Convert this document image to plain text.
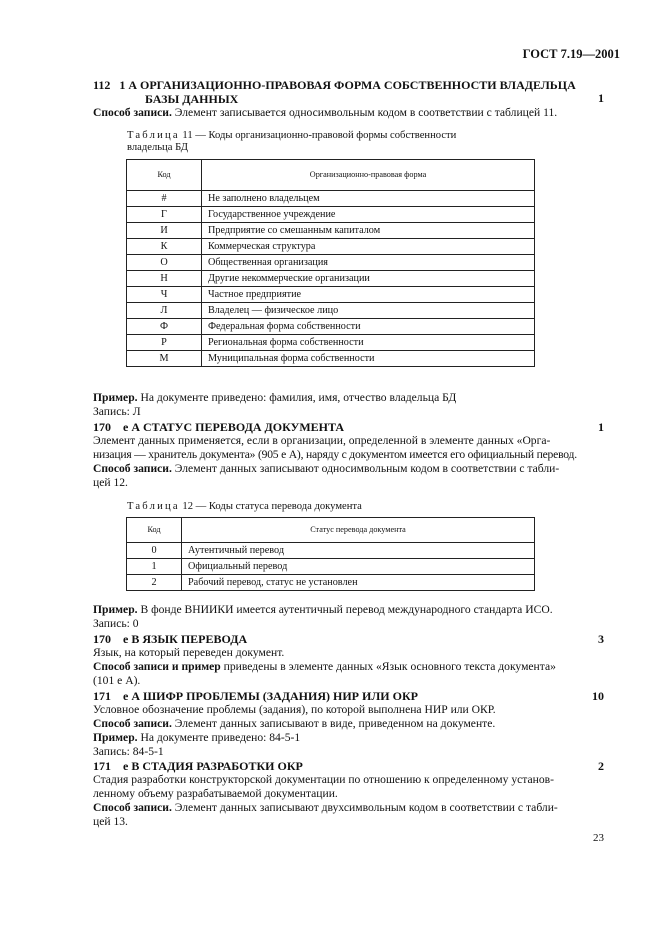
ГОСТ 7.19—2001
112 1 А ОРГАНИЗАЦИОННО-ПРАВОВАЯ ФОРМА СОБСТВЕННОСТИ ВЛАДЕЛЬЦА
БАЗЫ ДАННЫХ	1
Способ записи. Элемент записывается односимвольным кодом в соответствии с таблицей 11.
Таблица 11 — Коды организационно-правовой формы собственности
владельца БД
Код	Организационно-правовая форма
#	Не заполнено владельцем
Г	Государственное учреждение
И	Предприятие со смешанным капиталом
К	Коммерческая структура
О	Общественная организация
Н	Другие некоммерческие организации
Ч	Частное предприятие
Л	Владелец — физическое лицо
Ф	Федеральная форма собственности
Р	Региональная форма собственности
М	Муниципальная форма собственности
Пример. На документе приведено: фамилия, имя, отчество владельца БД
Запись: Л
170 е А СТАТУС ПЕРЕВОДА ДОКУМЕНТА	1
Элемент данных применяется, если в организации, определенной в элементе данных «Орга-
низация — хранитель документа» (905 е А), наряду с документом имеется его официальный перевод.
Способ записи. Элемент данных записывают односимвольным кодом в соответствии с табли-
цей 12.
Таблица 12 — Коды статуса перевода документа
Код	Статус перевода документа
0	Аутентичный перевод
1	Официальный перевод
2	Рабочий перевод, статус не установлен
Пример. В фонде ВНИИКИ имеется аутентичный перевод международного стандарта ИСО.
Запись: 0
170 е В ЯЗЫК ПЕРЕВОДА	3
Язык, на который переведен документ.
Способ записи и пример приведены в элементе данных «Язык основного текста документа»
(101 е А).
171 е А ШИФР ПРОБЛЕМЫ (ЗАДАНИЯ) НИР ИЛИ ОКР	10
Условное обозначение проблемы (задания), по которой выполнена НИР или ОКР.
Способ записи. Элемент данных записывают в виде, приведенном на документе.
Пример. На документе приведено: 84-5-1
Запись: 84-5-1
171 е В СТАДИЯ РАЗРАБОТКИ ОКР	2
Стадия разработки конструкторской документации по отношению к определенному установ-
ленному объему разрабатываемой документации.
Способ записи. Элемент данных записывают двухсимвольным кодом в соответствии с табли-
цей 13.
23
